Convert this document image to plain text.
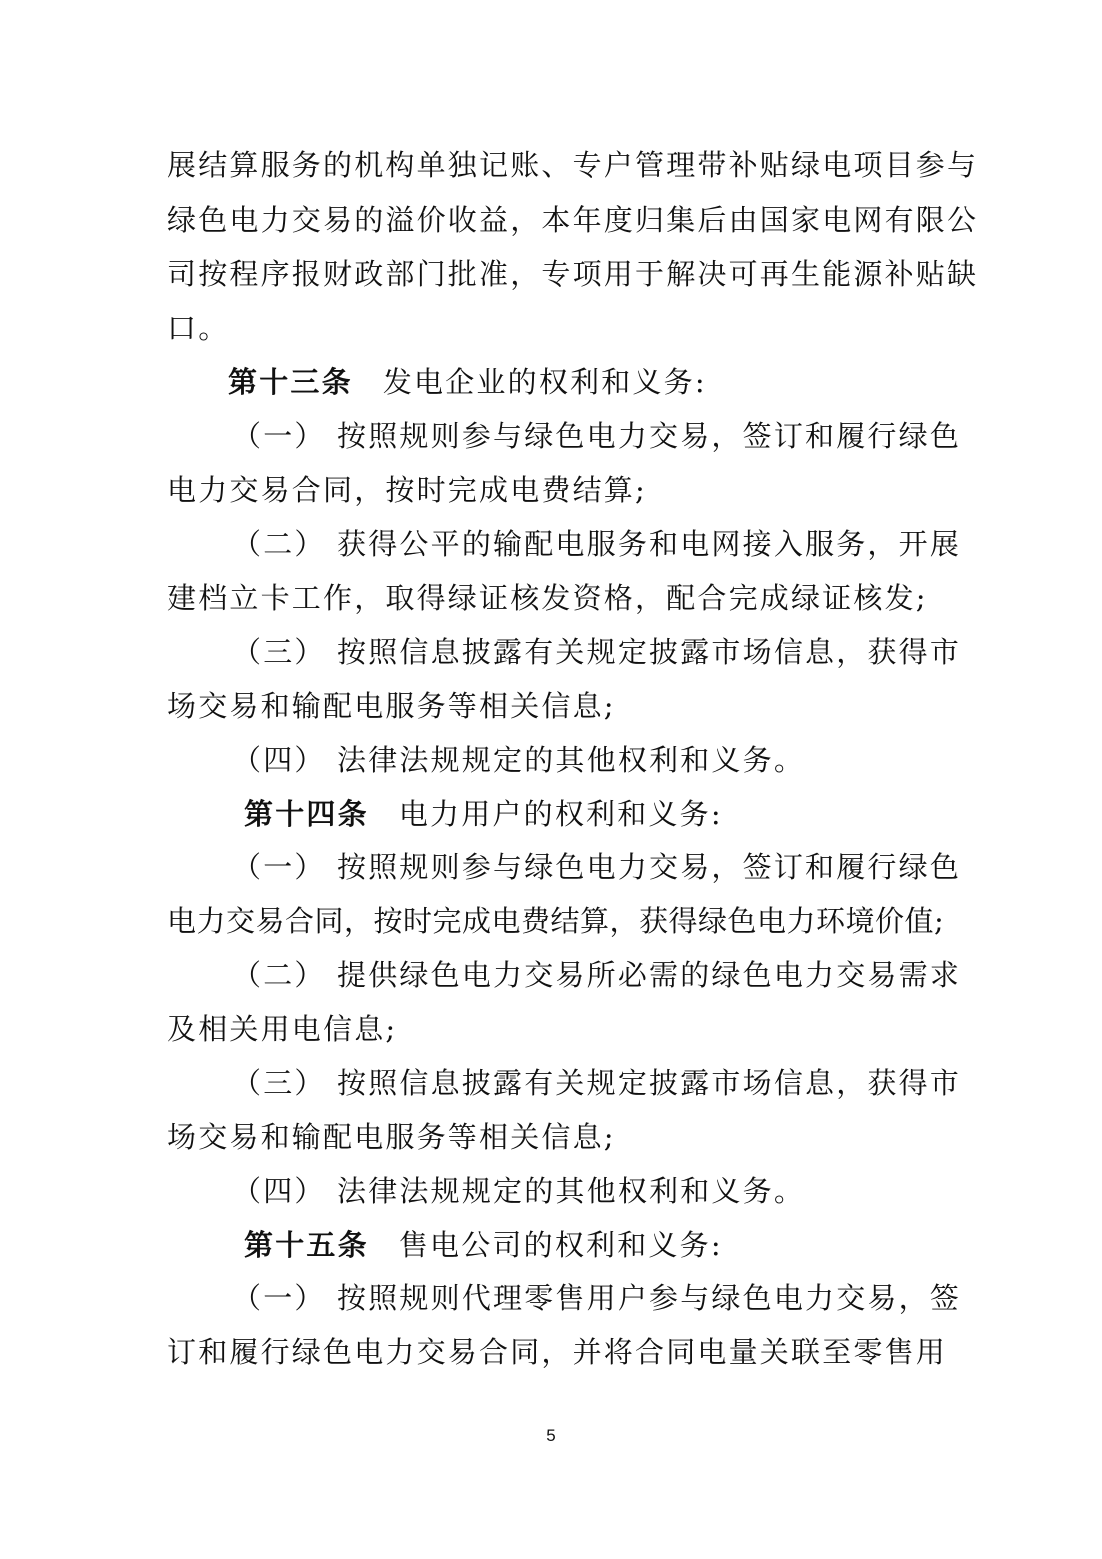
展结算服务的机构单独记账、专户管理带补贴绿电项目参与
绿色电力交易的溢价收益，本年度归集后由国家电网有限公
司按程序报财政部门批准，专项用于解决可再生能源补贴缺
口。
第十三条 发电企业的权利和义务:
（一） 按照规则参与绿色电力交易，签订和履行绿色
电力交易合同，按时完成电费结算;
（二） 获得公平的输配电服务和电网接入服务，开展
建档立卡工作，取得绿证核发资格，配合完成绿证核发;
（三） 按照信息披露有关规定披露市场信息，获得市
场交易和输配电服务等相关信息;
（四） 法律法规规定的其他权利和义务。
第十四条 电力用户的权利和义务:
（一） 按照规则参与绿色电力交易，签订和履行绿色
电力交易合同，按时完成电费结算，获得绿色电力环境价值;
（二） 提供绿色电力交易所必需的绿色电力交易需求
及相关用电信息;
（三） 按照信息披露有关规定披露市场信息，获得市
场交易和输配电服务等相关信息;
（四） 法律法规规定的其他权利和义务。
第十五条 售电公司的权利和义务:
（一） 按照规则代理零售用户参与绿色电力交易，签
订和履行绿色电力交易合同，并将合同电量关联至零售用
5
